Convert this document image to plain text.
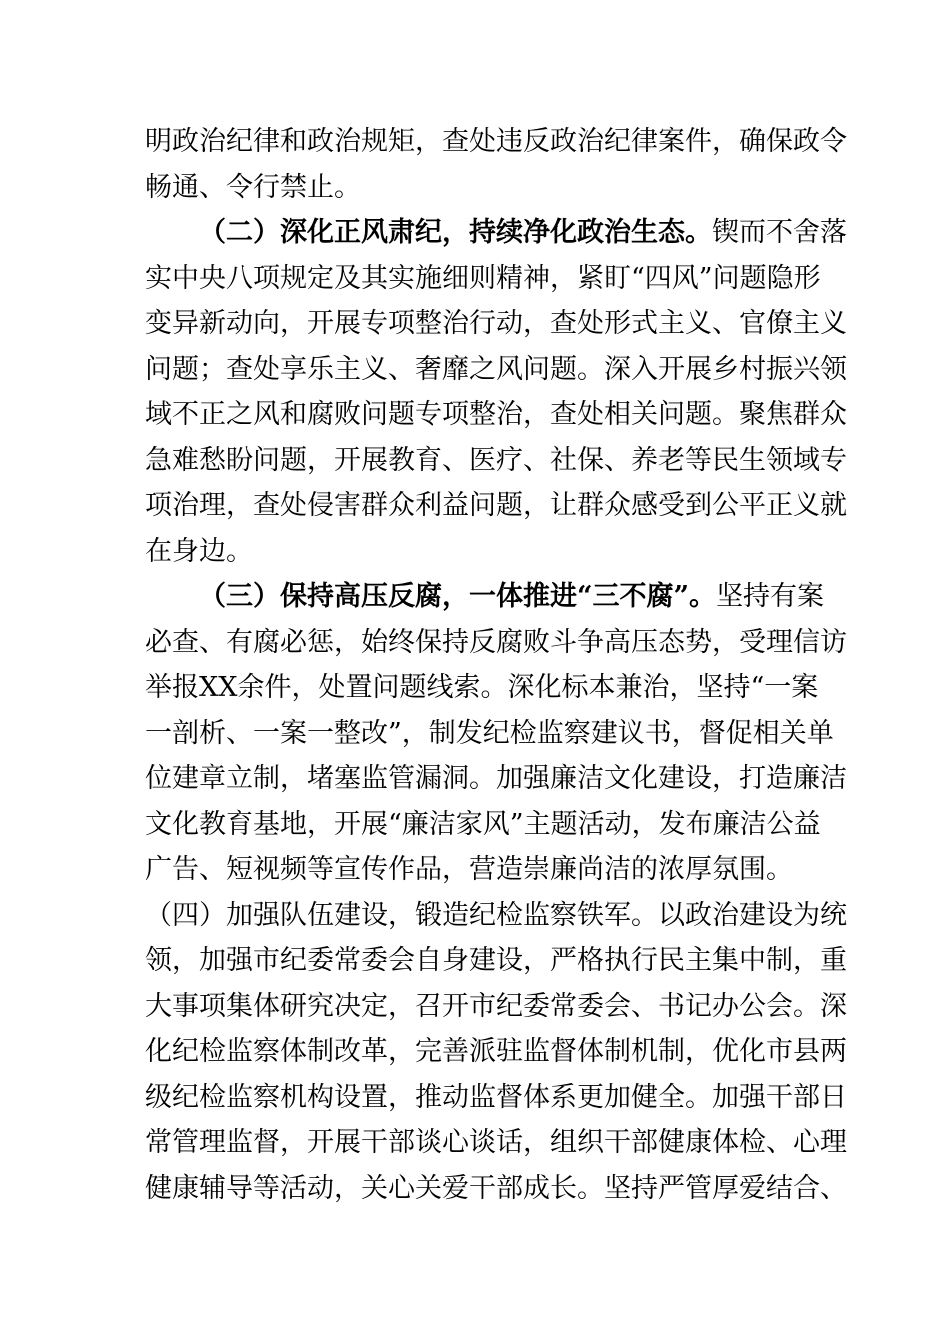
明政治纪律和政治规矩，查处违反政治纪律案件，确保政令
畅通、令行禁止。
（二）深化正风肃纪，持续净化政治生态。锲而不舍落
实中央八项规定及其实施细则精神，紧盯“四风”问题隐形
变异新动向，开展专项整治行动，查处形式主义、官僚主义
问题；查处享乐主义、奢靡之风问题。深入开展乡村振兴领
域不正之风和腐败问题专项整治，查处相关问题。聚焦群众
急难愁盼问题，开展教育、医疗、社保、养老等民生领域专
项治理，查处侵害群众利益问题，让群众感受到公平正义就
在身边。
（三）保持高压反腐，一体推进“三不腐”。坚持有案
必查、有腐必惩，始终保持反腐败斗争高压态势，受理信访
举报XX余件，处置问题线索。深化标本兼治，坚持“一案
一剖析、一案一整改”，制发纪检监察建议书，督促相关单
位建章立制，堵塞监管漏洞。加强廉洁文化建设，打造廉洁
文化教育基地，开展“廉洁家风”主题活动，发布廉洁公益
广告、短视频等宣传作品，营造崇廉尚洁的浓厚氛围。
（四）加强队伍建设，锻造纪检监察铁军。以政治建设为统
领，加强市纪委常委会自身建设，严格执行民主集中制，重
大事项集体研究决定，召开市纪委常委会、书记办公会。深
化纪检监察体制改革，完善派驻监督体制机制，优化市县两
级纪检监察机构设置，推动监督体系更加健全。加强干部日
常管理监督，开展干部谈心谈话，组织干部健康体检、心理
健康辅导等活动，关心关爱干部成长。坚持严管厚爱结合、
